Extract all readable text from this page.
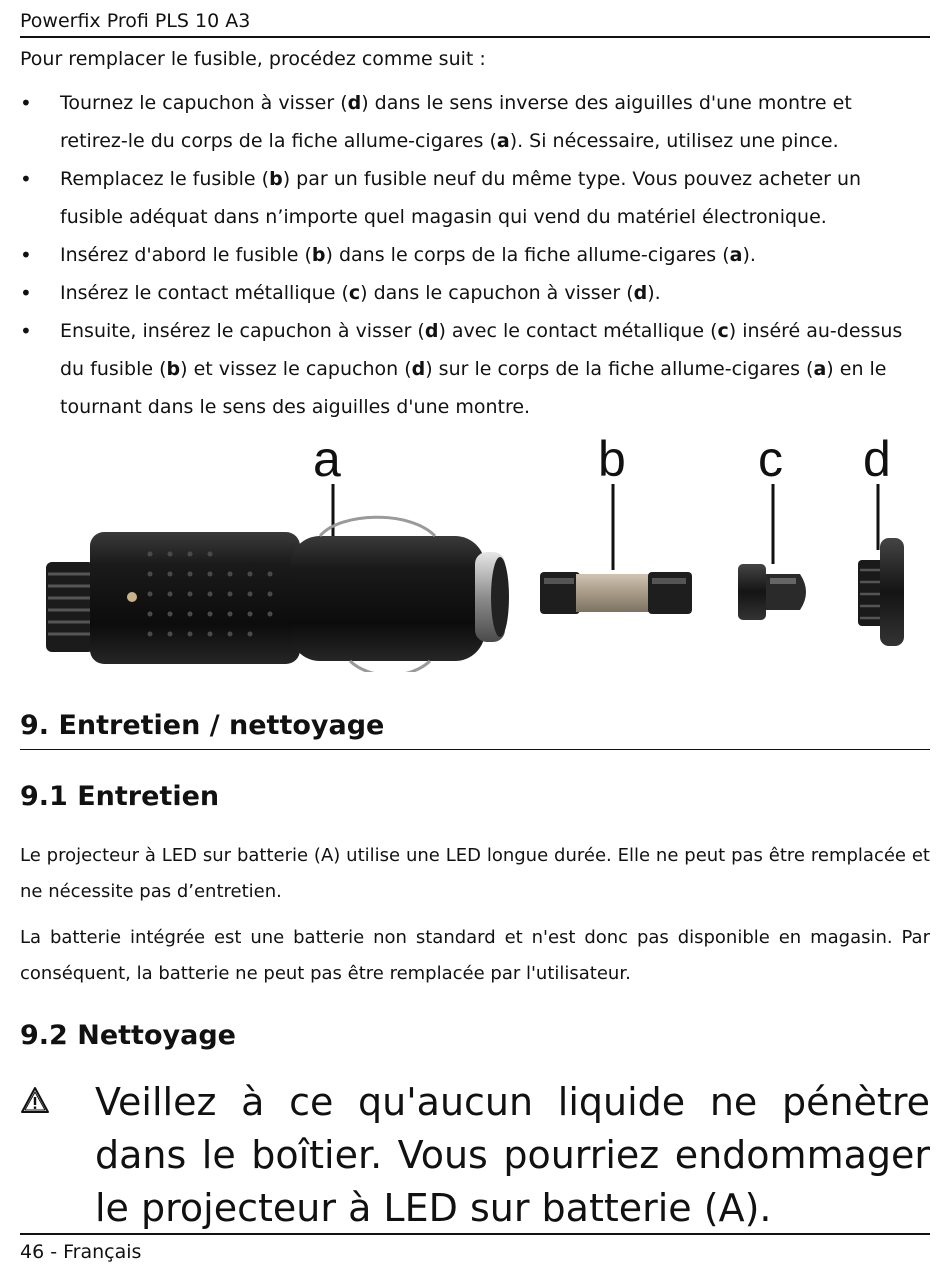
Powerfix Profi PLS 10 A3
Pour remplacer le fusible, procédez comme suit :
• Tournez le capuchon à visser (d) dans le sens inverse des aiguilles d'une montre et
retirez-le du corps de la fiche allume-cigares (a). Si nécessaire, utilisez une pince.
• Remplacez le fusible (b) par un fusible neuf du même type. Vous pouvez acheter un
fusible adéquat dans n’importe quel magasin qui vend du matériel électronique.
• Insérez d'abord le fusible (b) dans le corps de la fiche allume-cigares (a).
• Insérez le contact métallique (c) dans le capuchon à visser (d).
• Ensuite, insérez le capuchon à visser (d) avec le contact métallique (c) inséré au-dessus
du fusible (b) et vissez le capuchon (d) sur le corps de la fiche allume-cigares (a) en le
tournant dans le sens des aiguilles d'une montre.
a	b	c d
9. Entretien / nettoyage
9.1 Entretien
Le projecteur à LED sur batterie (A) utilise une LED longue durée. Elle ne peut pas être remplacée et ne nécessite pas d’entretien.
La batterie intégrée est une batterie non standard et n'est donc pas disponible en magasin. Par conséquent, la batterie ne peut pas être remplacée par l'utilisateur.
9.2 Nettoyage
Veillez à ce qu'aucun liquide ne pénètre dans le boîtier. Vous pourriez endommager le projecteur à LED sur batterie (A).
46 - Français
